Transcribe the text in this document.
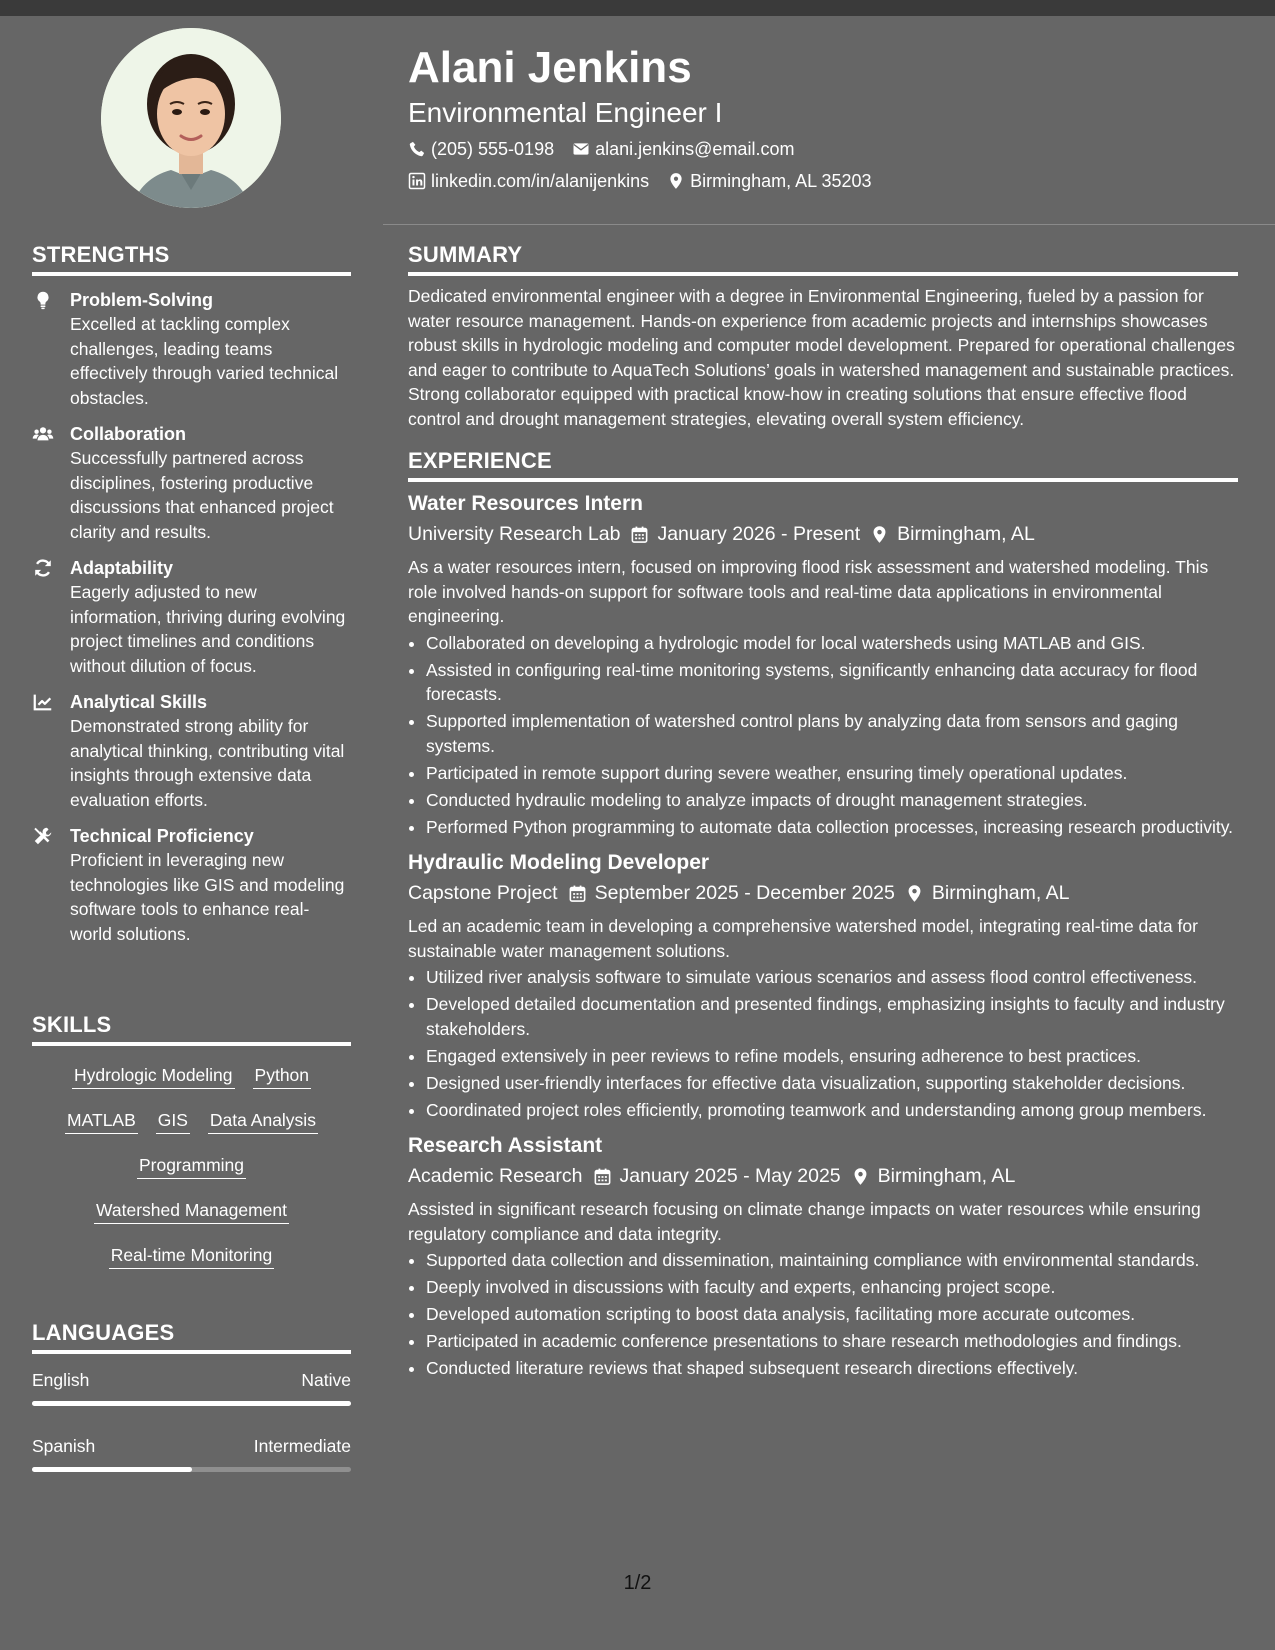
STRENGTHS
Problem-Solving
Excelled at tackling complex challenges, leading teams effectively through varied technical obstacles.
Collaboration
Successfully partnered across disciplines, fostering productive discussions that enhanced project clarity and results.
Adaptability
Eagerly adjusted to new information, thriving during evolving project timelines and conditions without dilution of focus.
Analytical Skills
Demonstrated strong ability for analytical thinking, contributing vital insights through extensive data evaluation efforts.
Technical Proficiency
Proficient in leveraging new technologies like GIS and modeling software tools to enhance real-world solutions.
SKILLS
Hydrologic Modeling Python
MATLAB GIS Data Analysis
Programming
Watershed Management
Real-time Monitoring
LANGUAGES
English	Native
Spanish	Intermediate
Alani Jenkins
Environmental Engineer I
(205) 555-0198 alani.jenkins@email.com
linkedin.com/in/alanijenkins Birmingham, AL 35203
SUMMARY
Dedicated environmental engineer with a degree in Environmental Engineering, fueled by a passion for water resource management. Hands-on experience from academic projects and internships showcases robust skills in hydrologic modeling and computer model development. Prepared for operational challenges and eager to contribute to AquaTech Solutions’ goals in watershed management and sustainable practices. Strong collaborator equipped with practical know-how in creating solutions that ensure effective flood control and drought management strategies, elevating overall system efficiency.
EXPERIENCE
Water Resources Intern
University Research Lab January 2026 - Present Birmingham, AL
As a water resources intern, focused on improving flood risk assessment and watershed modeling. This role involved hands-on support for software tools and real-time data applications in environmental engineering.
• Collaborated on developing a hydrologic model for local watersheds using MATLAB and GIS.
• Assisted in configuring real-time monitoring systems, significantly enhancing data accuracy for flood forecasts.
• Supported implementation of watershed control plans by analyzing data from sensors and gaging systems.
• Participated in remote support during severe weather, ensuring timely operational updates.
• Conducted hydraulic modeling to analyze impacts of drought management strategies.
• Performed Python programming to automate data collection processes, increasing research productivity.
Hydraulic Modeling Developer
Capstone Project September 2025 - December 2025 Birmingham, AL
Led an academic team in developing a comprehensive watershed model, integrating real-time data for sustainable water management solutions.
• Utilized river analysis software to simulate various scenarios and assess flood control effectiveness.
• Developed detailed documentation and presented findings, emphasizing insights to faculty and industry stakeholders.
• Engaged extensively in peer reviews to refine models, ensuring adherence to best practices.
• Designed user-friendly interfaces for effective data visualization, supporting stakeholder decisions.
• Coordinated project roles efficiently, promoting teamwork and understanding among group members.
Research Assistant
Academic Research January 2025 - May 2025 Birmingham, AL
Assisted in significant research focusing on climate change impacts on water resources while ensuring regulatory compliance and data integrity.
• Supported data collection and dissemination, maintaining compliance with environmental standards.
• Deeply involved in discussions with faculty and experts, enhancing project scope.
• Developed automation scripting to boost data analysis, facilitating more accurate outcomes.
• Participated in academic conference presentations to share research methodologies and findings.
• Conducted literature reviews that shaped subsequent research directions effectively.
1/2
